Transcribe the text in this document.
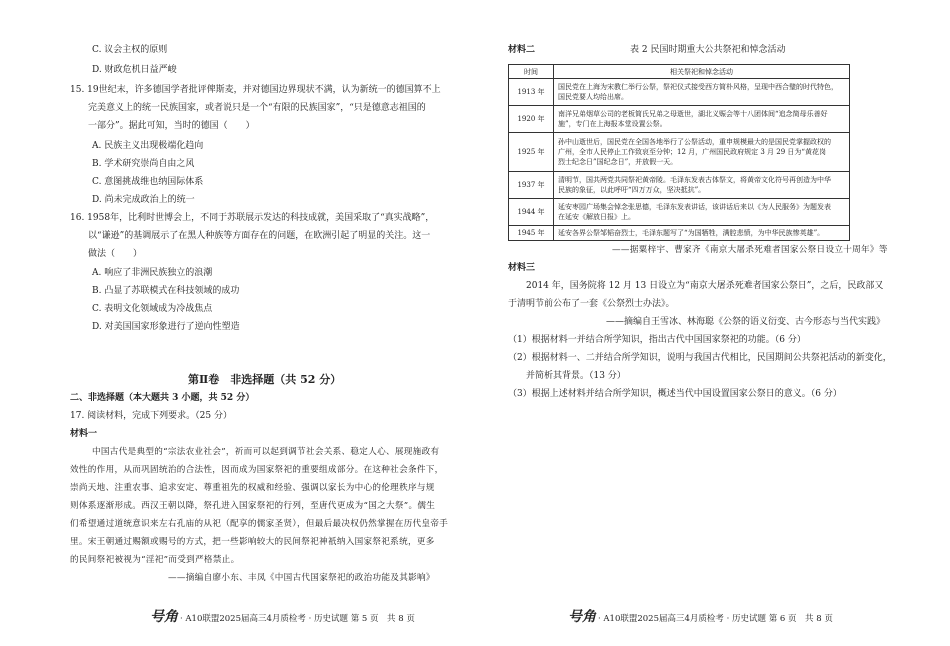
C. 议会主权的原则
D. 财政危机日益严峻
15. 19世纪末，许多德国学者批评俾斯麦，并对德国边界现状不满，认为新统一的德国算不上
完美意义上的统一民族国家，或者说只是一个“有限的民族国家”，“只是德意志祖国的
一部分”。据此可知，当时的德国（　　）
A. 民族主义出现极端化趋向
B. 学术研究崇尚自由之风
C. 意图挑战维也纳国际体系
D. 尚未完成政治上的统一
16. 1958年，比利时世博会上，不同于苏联展示发达的科技成就，美国采取了“真实战略”，
以“谦逊”的基调展示了在黑人种族等方面存在的问题，在欧洲引起了明显的关注。这一
做法（　　）
A. 响应了非洲民族独立的浪潮
B. 凸显了苏联模式在科技领域的成功
C. 表明文化领域成为冷战焦点
D. 对美国国家形象进行了逆向性塑造
第Ⅱ卷　非选择题（共 52 分）
二、非选择题（本大题共 3 小题，共 52 分）
17. 阅读材料，完成下列要求。（25 分）
材料一
中国古代是典型的“宗法农业社会”，祈而可以起到调节社会关系、稳定人心、展现施政有
效性的作用，从而巩固统治的合法性，因而成为国家祭祀的重要组成部分。在这种社会条件下，
崇尚天地、注重农事、追求安定、尊重祖先的权威和经验、强调以家长为中心的伦理秩序与规
则体系逐渐形成。西汉王朝以降，祭孔进入国家祭祀的行列，至唐代更成为“国之大祭”。儒生
们希望通过道统意识来左右孔庙的从祀（配享的儒家圣贤），但最后最决权仍然掌握在历代皇帝手
里。宋王朝通过赐额或赐号的方式，把一些影响较大的民间祭祀神祇纳入国家祭祀系统，更多
的民间祭祀被视为“淫祀”而受到严格禁止。
——摘编自廖小东、丰凤《中国古代国家祭祀的政治功能及其影响》
号角 · A10联盟2025届高三4月质检考 · 历史试题 第 5 页　共 8 页
材料二	表 2 民国时期重大公共祭祀和悼念活动
时间	相关祭祀和悼念活动
1913 年	国民党在上海为宋教仁举行公祭，祭祀仪式接受西方简朴风格，呈现中西合璧的时代特色，
国民党要人均给出席。

1920 年	南洋兄弟烟草公司的老板简氏兄弟之母逝世，湖北义赈会等十八团体间“追念简母乐善好
施”，专门在上海报本堂设置公祭。

1925 年	孙中山逝世后，国民党在全国各地举行了公祭活动，重申规模最大的是国民党掌握政权的
广州，全市人民停止工作致哀至分钟；12 月，广州国民政府规定 3 月 29 日为“黄花岗
烈士纪念日”国纪念日”，并放假一天。

1937 年	清明节，国共两党共同祭祀黄帝陵。毛泽东发表古体祭文，将黄帝文化符号再创造为中华
民族的象征，以此呼吁“四万万众，坚决抵抗”。

1944 年	延安枣园广场集会悼念张思德，毛泽东发表讲话，该讲话后来以《为人民服务》为题发表
在延安《解放日报》上。

1945 年	延安各界公祭邹韬奋烈士，毛泽东题写了“为国牺牲，满腔悲愤，为中华民族惨英雄”。
——据粟梓宇、曹家齐《南京大屠杀死难者国家公祭日设立十周年》等
材料三
2014 年，国务院将 12 月 13 日设立为“南京大屠杀死难者国家公祭日”，之后，民政部又
于清明节前公布了一套《公祭烈士办法》。
——摘编自王雪冰、林海聪《公祭的语义衍变、古今形态与当代实践》
（1）根据材料一并结合所学知识，指出古代中国国家祭祀的功能。（6 分）
（2）根据材料一、二并结合所学知识，说明与我国古代相比，民国期间公共祭祀活动的新变化，
并简析其背景。（13 分）
（3）根据上述材料并结合所学知识，概述当代中国设置国家公祭日的意义。（6 分）
号角 · A10联盟2025届高三4月质检考 · 历史试题 第 6 页　共 8 页
